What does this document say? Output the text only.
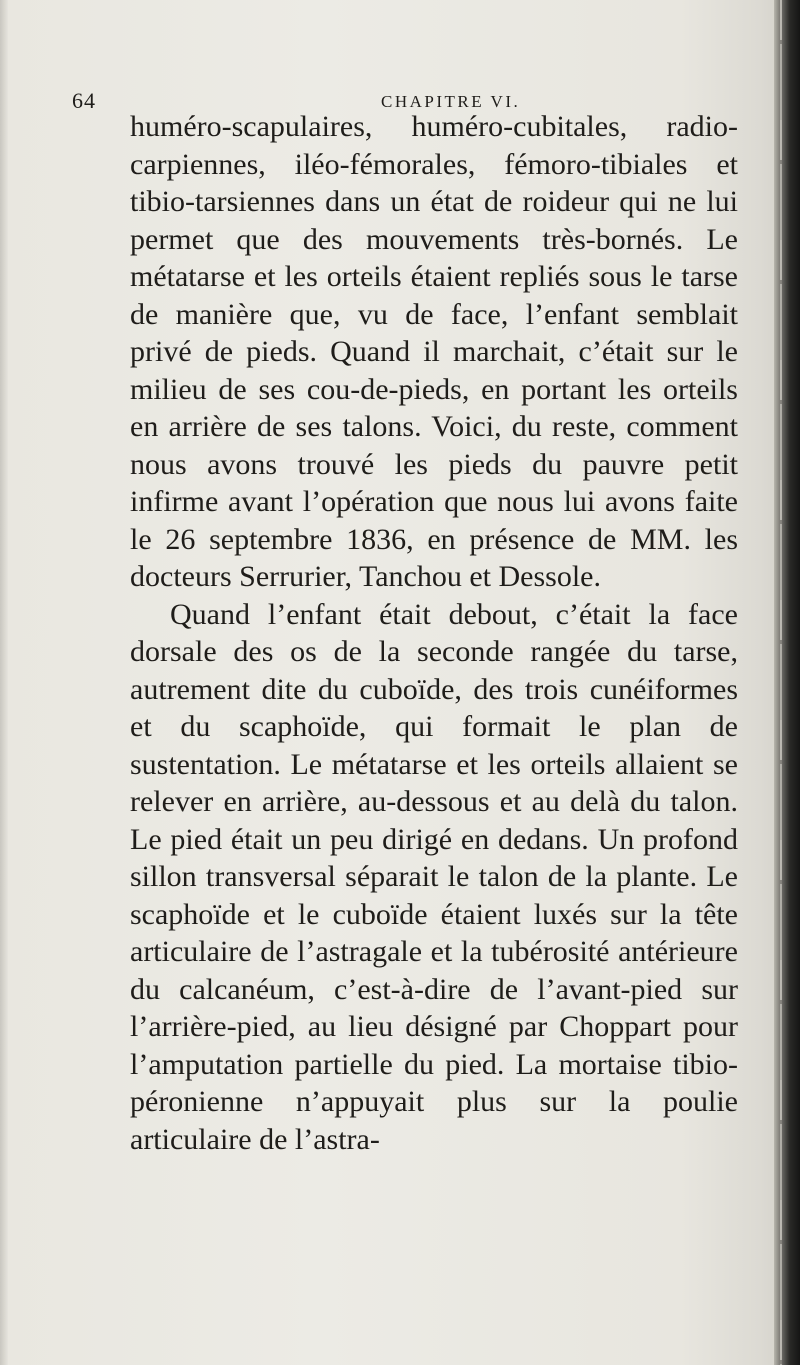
64	CHAPITRE VI.

huméro-scapulaires, huméro-cubitales, radio-carpiennes, iléo-fémorales, fémoro-tibiales et tibio-tarsiennes dans un état de roideur qui ne lui permet que des mouvements très-bornés. Le métatarse et les orteils étaient repliés sous le tarse de manière que, vu de face, l’enfant semblait privé de pieds. Quand il marchait, c’était sur le milieu de ses cou-de-pieds, en portant les orteils en arrière de ses talons. Voici, du reste, comment nous avons trouvé les pieds du pauvre petit infirme avant l’opération que nous lui avons faite le 26 septembre 1836, en présence de MM. les docteurs Serrurier, Tanchou et Dessole.

Quand l’enfant était debout, c’était la face dorsale des os de la seconde rangée du tarse, autrement dite du cuboïde, des trois cunéiformes et du scaphoïde, qui formait le plan de sustentation. Le métatarse et les orteils allaient se relever en arrière, au-dessous et au delà du talon. Le pied était un peu dirigé en dedans. Un profond sillon transversal séparait le talon de la plante. Le scaphoïde et le cuboïde étaient luxés sur la tête articulaire de l’astragale et la tubérosité antérieure du calcanéum, c’est-à-dire de l’avant-pied sur l’arrière-pied, au lieu désigné par Choppart pour l’amputation partielle du pied. La mortaise tibio-péronienne n’appuyait plus sur la poulie articulaire de l’astra-
